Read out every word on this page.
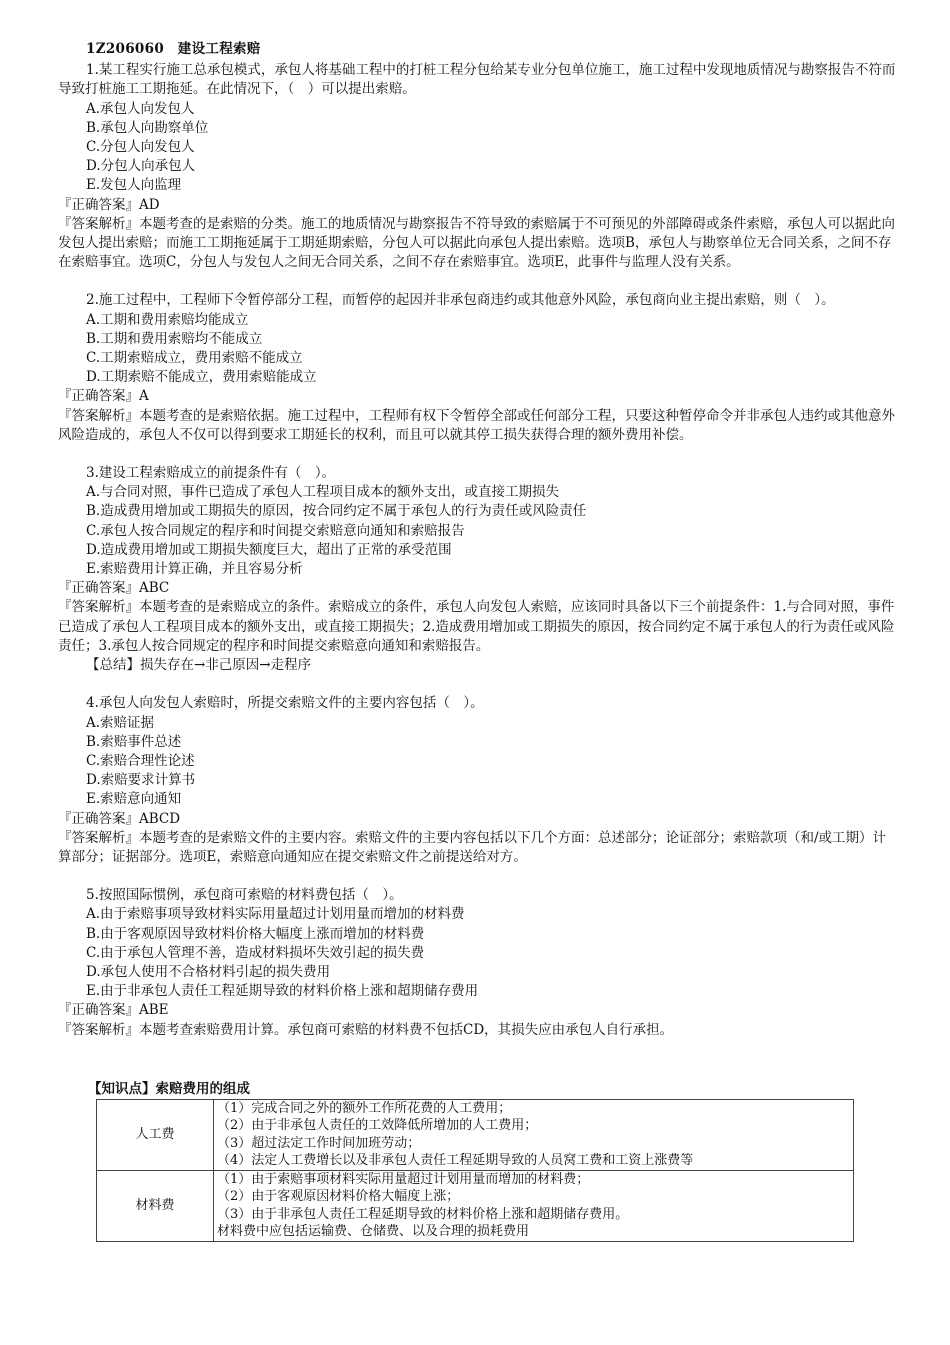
1Z206060　建设工程索赔
1.某工程实行施工总承包模式，承包人将基础工程中的打桩工程分包给某专业分包单位施工，施工过程中发现地质情况与勘察报告不符而导致打桩施工工期拖延。在此情况下，（　）可以提出索赔。
A.承包人向发包人
B.承包人向勘察单位
C.分包人向发包人
D.分包人向承包人
E.发包人向监理
『正确答案』AD
『答案解析』本题考查的是索赔的分类。施工的地质情况与勘察报告不符导致的索赔属于不可预见的外部障碍或条件索赔，承包人可以据此向发包人提出索赔；而施工工期拖延属于工期延期索赔，分包人可以据此向承包人提出索赔。选项B，承包人与勘察单位无合同关系，之间不存在索赔事宜。选项C，分包人与发包人之间无合同关系，之间不存在索赔事宜。选项E，此事件与监理人没有关系。
2.施工过程中，工程师下令暂停部分工程，而暂停的起因并非承包商违约或其他意外风险，承包商向业主提出索赔，则（　）。
A.工期和费用索赔均能成立
B.工期和费用索赔均不能成立
C.工期索赔成立，费用索赔不能成立
D.工期索赔不能成立，费用索赔能成立
『正确答案』A
『答案解析』本题考查的是索赔依据。施工过程中，工程师有权下令暂停全部或任何部分工程，只要这种暂停命令并非承包人违约或其他意外风险造成的，承包人不仅可以得到要求工期延长的权利，而且可以就其停工损失获得合理的额外费用补偿。
3.建设工程索赔成立的前提条件有（　）。
A.与合同对照，事件已造成了承包人工程项目成本的额外支出，或直接工期损失
B.造成费用增加或工期损失的原因，按合同约定不属于承包人的行为责任或风险责任
C.承包人按合同规定的程序和时间提交索赔意向通知和索赔报告
D.造成费用增加或工期损失额度巨大，超出了正常的承受范围
E.索赔费用计算正确，并且容易分析
『正确答案』ABC
『答案解析』本题考查的是索赔成立的条件。索赔成立的条件，承包人向发包人索赔，应该同时具备以下三个前提条件：1.与合同对照，事件已造成了承包人工程项目成本的额外支出，或直接工期损失；2.造成费用增加或工期损失的原因，按合同约定不属于承包人的行为责任或风险责任；3.承包人按合同规定的程序和时间提交索赔意向通知和索赔报告。
【总结】损失存在→非己原因→走程序
4.承包人向发包人索赔时，所提交索赔文件的主要内容包括（　）。
A.索赔证据
B.索赔事件总述
C.索赔合理性论述
D.索赔要求计算书
E.索赔意向通知
『正确答案』ABCD
『答案解析』本题考查的是索赔文件的主要内容。索赔文件的主要内容包括以下几个方面：总述部分；论证部分；索赔款项（和/或工期）计算部分；证据部分。选项E，索赔意向通知应在提交索赔文件之前提送给对方。
5.按照国际惯例，承包商可索赔的材料费包括（　）。
A.由于索赔事项导致材料实际用量超过计划用量而增加的材料费
B.由于客观原因导致材料价格大幅度上涨而增加的材料费
C.由于承包人管理不善，造成材料损坏失效引起的损失费
D.承包人使用不合格材料引起的损失费用
E.由于非承包人责任工程延期导致的材料价格上涨和超期储存费用
『正确答案』ABE
『答案解析』本题考查索赔费用计算。承包商可索赔的材料费不包括CD，其损失应由承包人自行承担。
【知识点】索赔费用的组成
人工费	（1）完成合同之外的额外工作所花费的人工费用；
（2）由于非承包人责任的工效降低所增加的人工费用；
（3）超过法定工作时间加班劳动；
（4）法定人工费增长以及非承包人责任工程延期导致的人员窝工费和工资上涨费等

材料费	（1）由于索赔事项材料实际用量超过计划用量而增加的材料费；
（2）由于客观原因材料价格大幅度上涨；
（3）由于非承包人责任工程延期导致的材料价格上涨和超期储存费用。
材料费中应包括运输费、仓储费、以及合理的损耗费用
